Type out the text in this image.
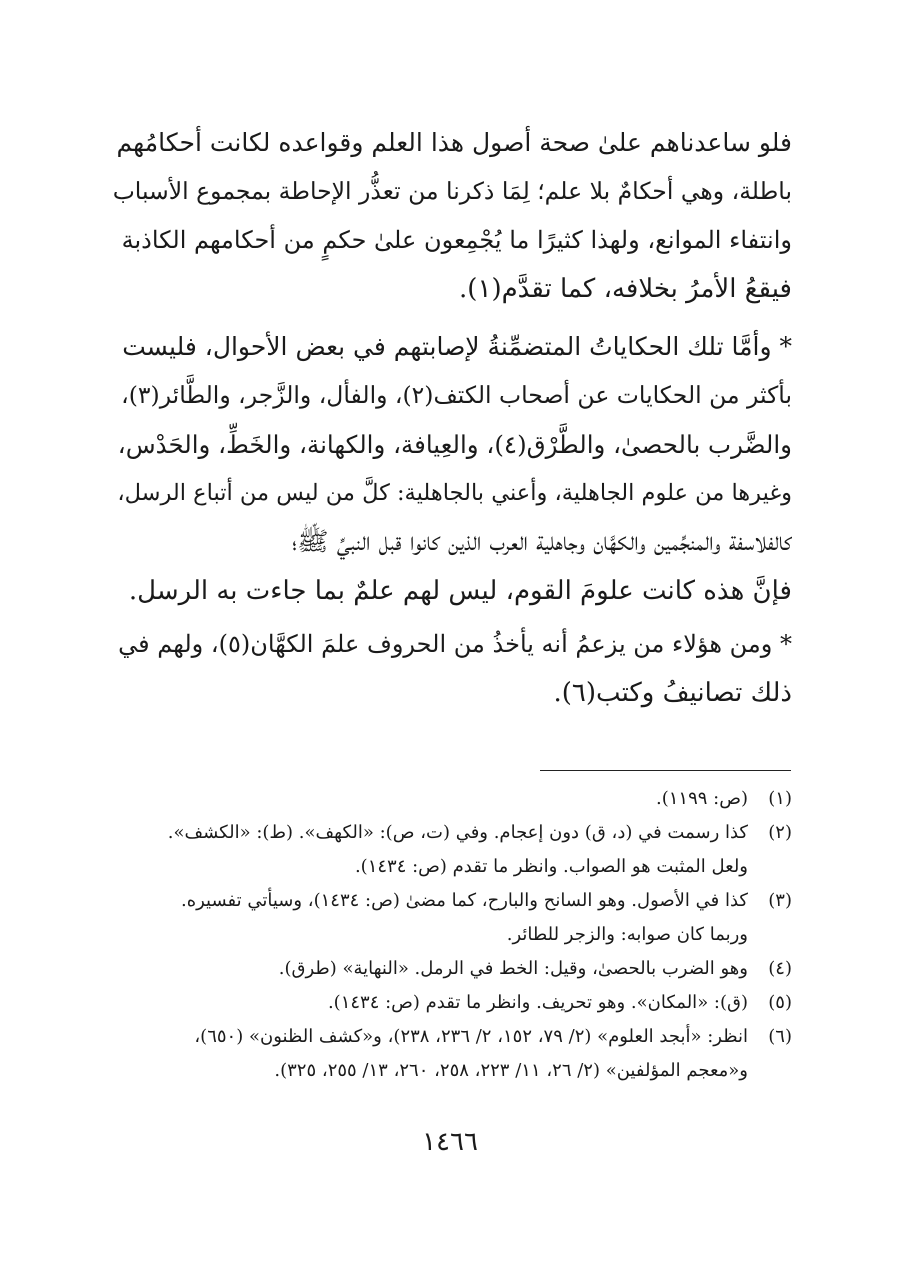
فلو ساعدناهم علىٰ صحة أصول هذا العلم وقواعده لكانت أحكامُهم
باطلة، وهي أحكامٌ بلا علم؛ لِمَا ذكرنا من تعذُّر الإحاطة بمجموع الأسباب
وانتفاء الموانع، ولهذا كثيرًا ما يُجْمِعون علىٰ حكمٍ من أحكامهم الكاذبة
فيقعُ الأمرُ بخلافه، كما تقدَّم(١).
* وأمَّا تلك الحكاياتُ المتضمِّنةُ لإصابتهم في بعض الأحوال، فليست
بأكثر من الحكايات عن أصحاب الكتف(٢)، والفأل، والزَّجر، والطَّائر(٣)،
والضَّرب بالحصىٰ، والطَّرْق(٤)، والعِيافة، والكهانة، والخَطِّ، والحَدْس،
وغيرها من علوم الجاهلية، وأعني بالجاهلية: كلَّ من ليس من أتباع الرسل،
كالفلاسفة والمنجِّمين والكهَّان وجاهلية العرب الذين كانوا قبل النبيِّ ﷺ؛
فإنَّ هذه كانت علومَ القوم، ليس لهم علمٌ بما جاءت به الرسل.
* ومن هؤلاء من يزعمُ أنه يأخذُ من الحروف علمَ الكهَّان(٥)، ولهم في
ذلك تصانيفُ وكتب(٦).
(١)
(ص: ١١٩٩).
(٢)
كذا رسمت في (د، ق) دون إعجام. وفي (ت، ص): «الكهف». (ط): «الكشف».
ولعل المثبت هو الصواب. وانظر ما تقدم (ص: ١٤٣٤).
(٣)
كذا في الأصول. وهو السانح والبارح، كما مضىٰ (ص: ١٤٣٤)، وسيأتي تفسيره.
وربما كان صوابه: والزجر للطائر.
(٤)
وهو الضرب بالحصىٰ، وقيل: الخط في الرمل. «النهاية» (طرق).
(٥)
(ق): «المكان». وهو تحريف. وانظر ما تقدم (ص: ١٤٣٤).
(٦)
انظر: «أبجد العلوم» (٢/ ٧٩، ١٥٢، ٢/ ٢٣٦، ٢٣٨)، و«كشف الظنون» (٦٥٠)،
و«معجم المؤلفين» (٢/ ٢٦، ١١/ ٢٢٣، ٢٥٨، ٢٦٠، ١٣/ ٢٥٥، ٣٢٥).
١٤٦٦
